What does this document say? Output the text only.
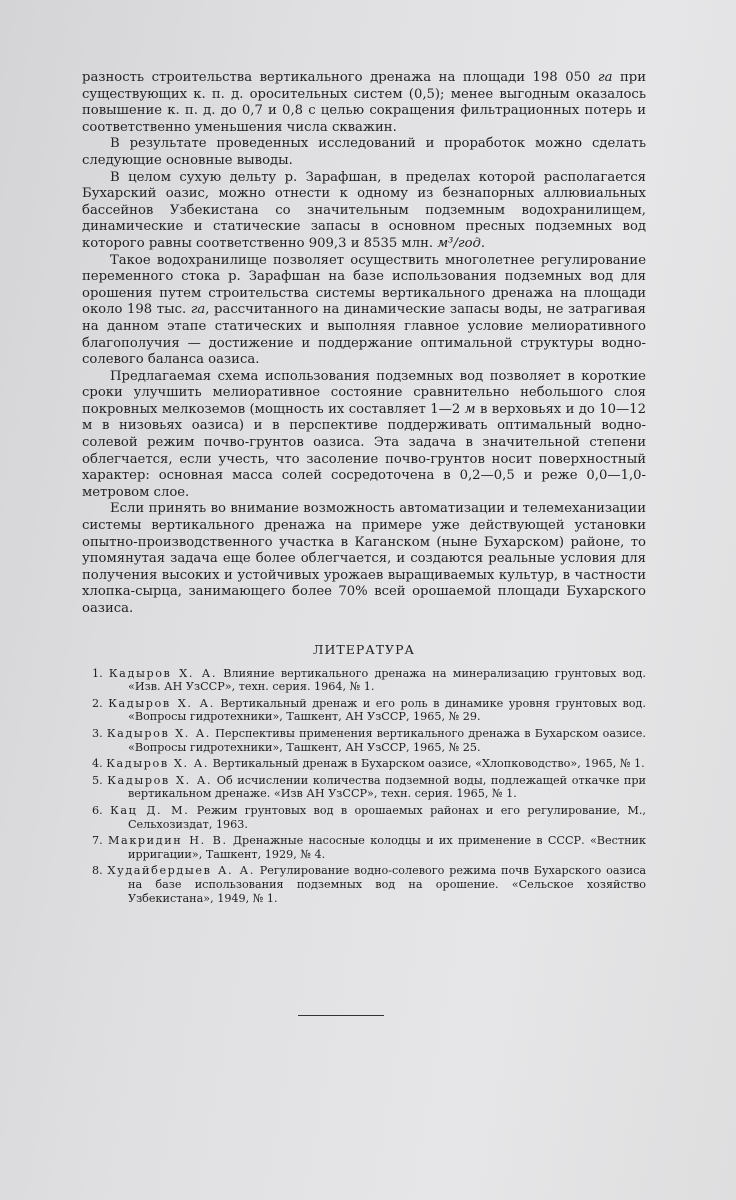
разность строительства вертикального дренажа на площади 198 050 га при существующих к. п. д. оросительных систем (0,5); менее выгодным оказалось повышение к. п. д. до 0,7 и 0,8 с целью сокращения фильтрационных потерь и соответственно уменьшения числа скважин.

В результате проведенных исследований и проработок можно сделать следующие основные выводы.

В целом сухую дельту р. Зарафшан, в пределах которой располагается Бухарский оазис, можно отнести к одному из безнапорных аллювиальных бассейнов Узбекистана со значительным подземным водохранилищем, динамические и статические запасы в основном пресных подземных вод которого равны соответственно 909,3 и 8535 млн. м³/год.

Такое водохранилище позволяет осуществить многолетнее регулирование переменного стока р. Зарафшан на базе использования подземных вод для орошения путем строительства системы вертикального дренажа на площади около 198 тыс. га, рассчитанного на динамические запасы воды, не затрагивая на данном этапе статических и выполняя главное условие мелиоративного благополучия — достижение и поддержание оптимальной структуры водно-солевого баланса оазиса.

Предлагаемая схема использования подземных вод позволяет в короткие сроки улучшить мелиоративное состояние сравнительно небольшого слоя покровных мелкоземов (мощность их составляет 1—2 м в верховьях и до 10—12 м в низовьях оазиса) и в перспективе поддерживать оптимальный водно-солевой режим почво-грунтов оазиса. Эта задача в значительной степени облегчается, если учесть, что засоление почво-грунтов носит поверхностный характер: основная масса солей сосредоточена в 0,2—0,5 и реже 0,0—1,0-метровом слое.

Если принять во внимание возможность автоматизации и телемеханизации системы вертикального дренажа на примере уже действующей установки опытно-производственного участка в Каганском (ныне Бухарском) районе, то упомянутая задача еще более облегчается, и создаются реальные условия для получения высоких и устойчивых урожаев выращиваемых культур, в частности хлопка-сырца, занимающего более 70% всей орошаемой площади Бухарского оазиса.

ЛИТЕРАТУРА
1. Кадыров Х. А. Влияние вертикального дренажа на минерализацию грунтовых вод. «Изв. АН УзССР», техн. серия. 1964, № 1.
2. Кадыров Х. А. Вертикальный дренаж и его роль в динамике уровня грунтовых вод. «Вопросы гидротехники», Ташкент, АН УзССР, 1965, № 29.
3. Кадыров Х. А. Перспективы применения вертикального дренажа в Бухарском оазисе. «Вопросы гидротехники», Ташкент, АН УзССР, 1965, № 25.
4. Кадыров Х. А. Вертикальный дренаж в Бухарском оазисе, «Хлопководство», 1965, № 1.
5. Кадыров Х. А. Об исчислении количества подземной воды, подлежащей откачке при вертикальном дренаже. «Изв АН УзССР», техн. серия. 1965, № 1.
6. Кац Д. М. Режим грунтовых вод в орошаемых районах и его регулирование, М., Сельхозиздат, 1963.
7. Макридин Н. В. Дренажные насосные колодцы и их применение в СССР. «Вестник ирригации», Ташкент, 1929, № 4.
8. Худайбердыев А. А. Регулирование водно-солевого режима почв Бухарского оазиса на базе использования подземных вод на орошение. «Сельское хозяйство Узбекистана», 1949, № 1.
